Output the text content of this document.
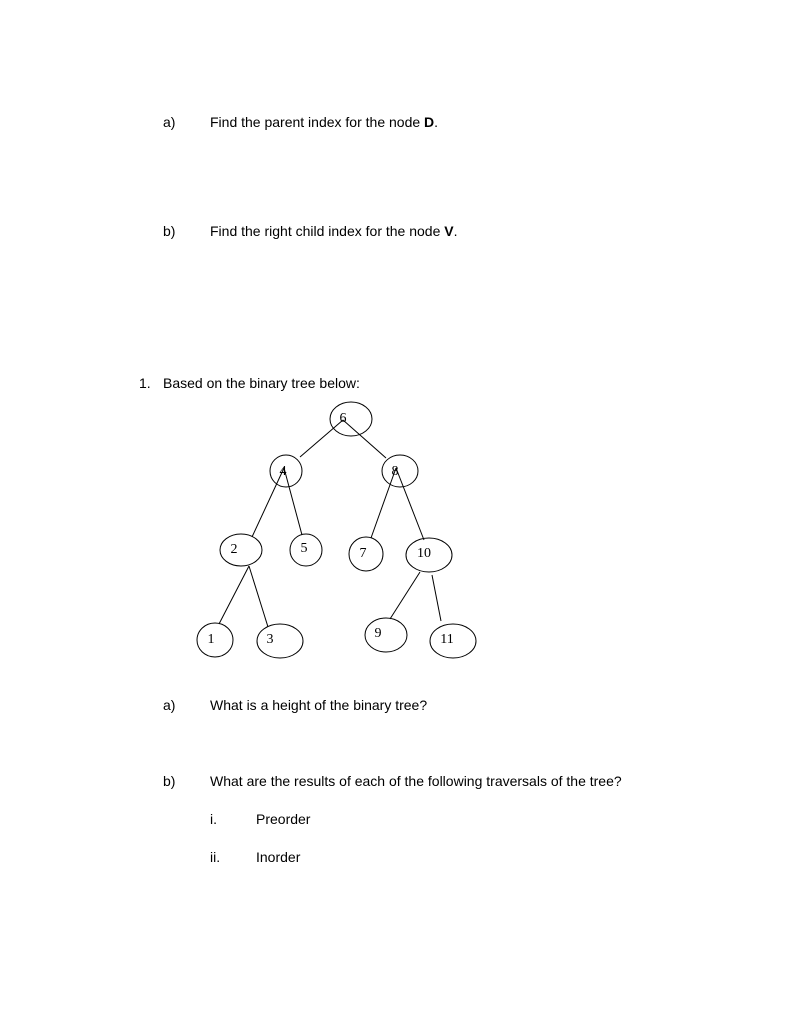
a) Find the parent index for the node D.
b) Find the right child index for the node V.
1. Based on the binary tree below:
6
4	8
2	5	7	10
1	3	9	11
a) What is a height of the binary tree?
b) What are the results of each of the following traversals of the tree?
i.	Preorder
ii.	Inorder
